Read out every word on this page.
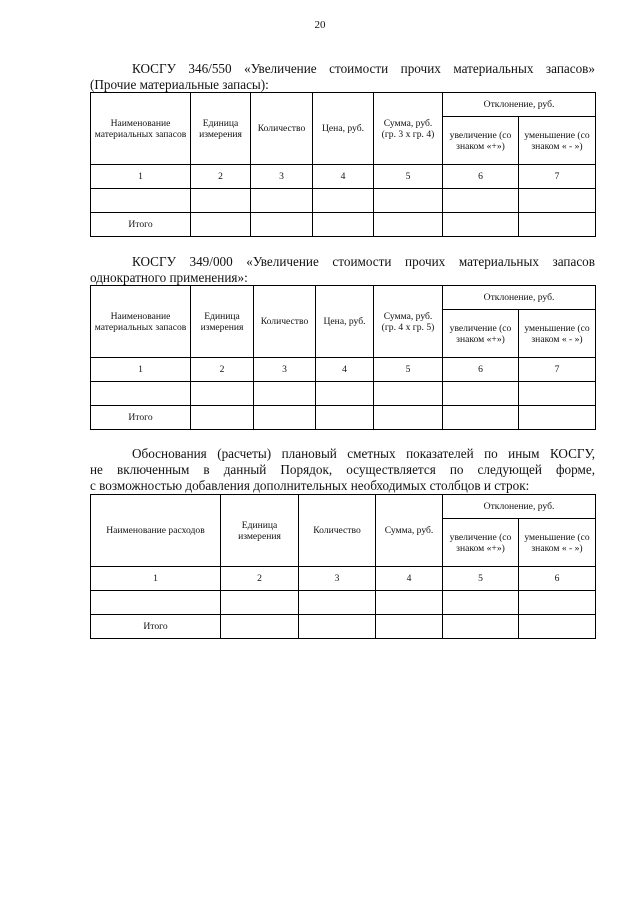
20

КОСГУ 346/550 «Увеличение стоимости прочих материальных запасов»
(Прочие материальные запасы):

Наименование материальных запасов	Единица измерения	Количество	Цена, руб.	Сумма, руб. (гр. 3 х гр. 4)	Отклонение, руб.	
					увеличение (со знаком «+»)	уменьшение (со знаком « - »)
1	2	3	4	5	6	7

Итого						

КОСГУ 349/000 «Увеличение стоимости прочих материальных запасов
однократного применения»:

Наименование материальных запасов	Единица измерения	Количество	Цена, руб.	Сумма, руб. (гр. 4 х гр. 5)	Отклонение, руб.	
					увеличение (со знаком «+»)	уменьшение (со знаком « - »)
1	2	3	4	5	6	7

Итого						

Обоснования (расчеты) плановый сметных показателей по иным КОСГУ,
не включенным в данный Порядок, осуществляется по следующей форме,
с возможностью добавления дополнительных необходимых столбцов и строк:

Наименование расходов	Единица измерения	Количество	Сумма, руб.	Отклонение, руб.	
				увеличение (со знаком «+»)	уменьшение (со знаком « - »)
1	2	3	4	5	6

Итого					
